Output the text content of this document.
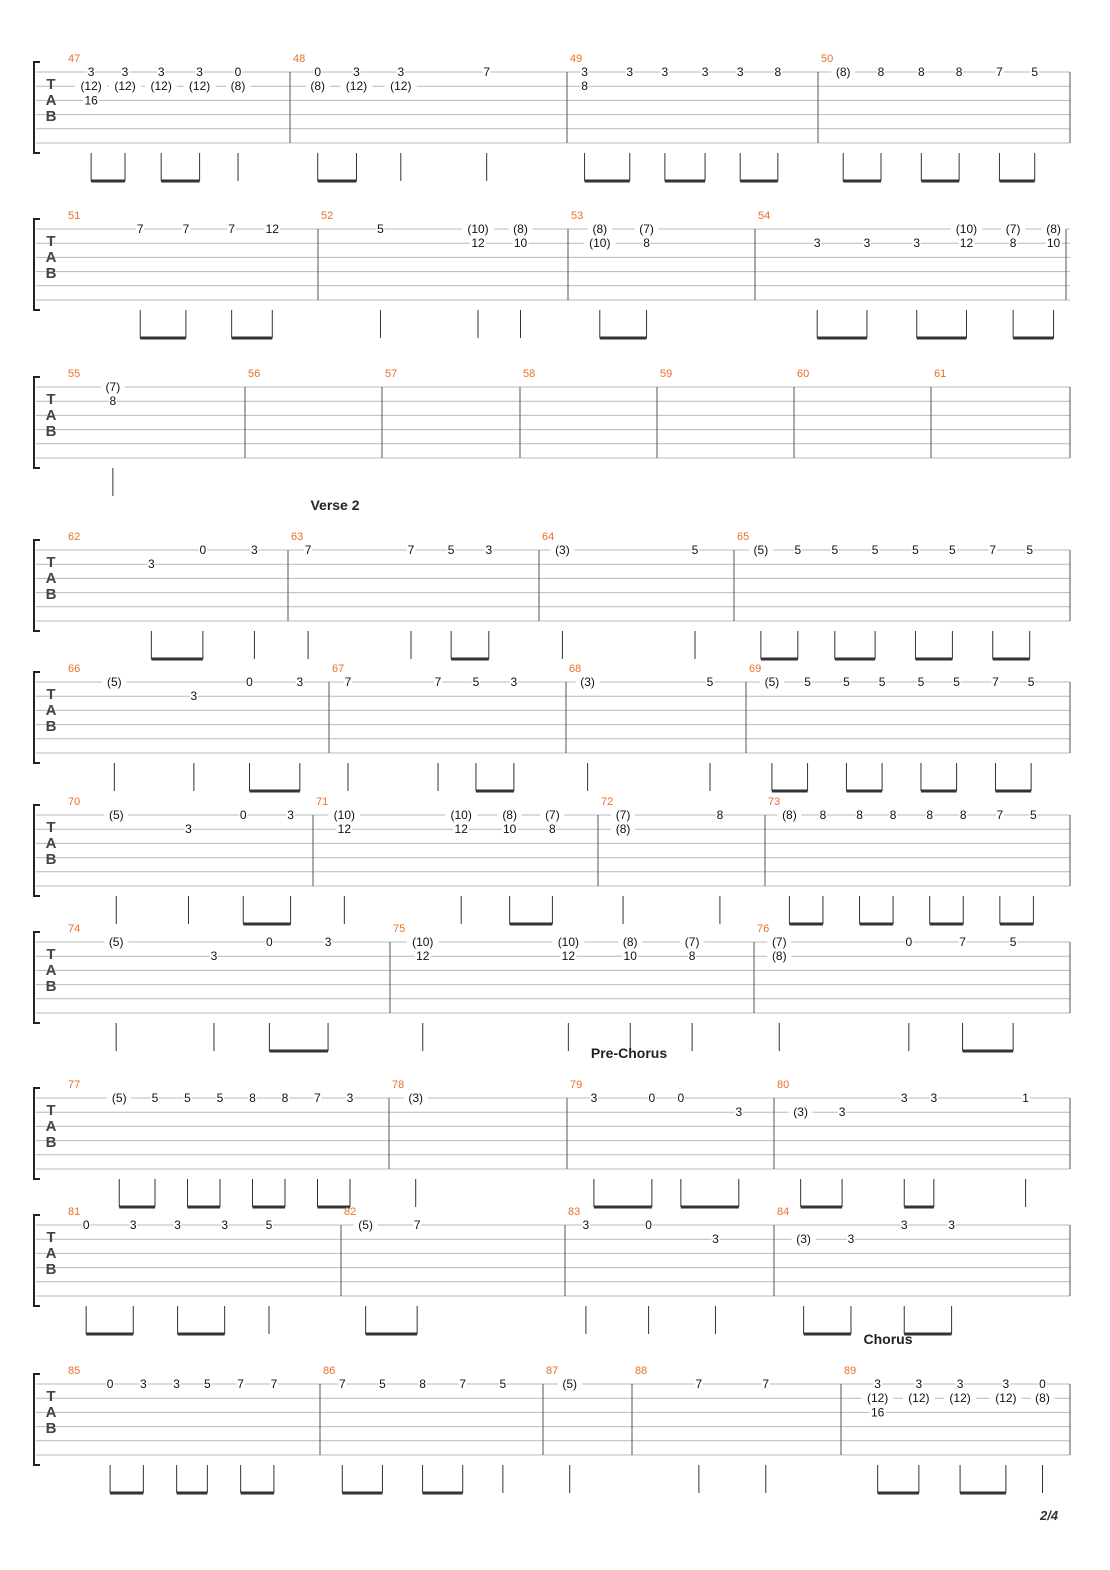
T
A
B
47
3
(12)
16
3
(12)
3
(12)
3
(12)
0
(8)
48
0
(8)
3
(12)
3
(12)
7
49
3
8
3 3	3 3	8
50
(8) 8	8	8	7 5
T
A
B
51
7	7	7	12
52
5	(10)
12
(8)
10
53
(8)
(10)
(7)
8
54
3	3	3
(10)
12
(7)
8
(8)
10
T
A
B
55
(7)
8
56	57	58	59	60	61
T
A
B
Verse 2
62
3
0	3
63
7	7	5	3
64
(3)	5
65
(5) 5	5	5	5	5	7	5
T
A
B
66
(5)
3
0	3
67
7	7	5	3
68
(3)	5
69
(5) 5	5 5	5 5	7 5
T
A
B
70
(5)
3
0	3
71
(10)
12
(10)
12
(8)
10
(7)
8
72
(7)
(8)
8
73
(8) 8 8 8 8 8 7 5
T
A
B
74
(5)
3
0	3
75
(10)
12
(10)
12
(8)
10
(7)
8
76
(7)
(8)
0	7	5
T
A
B
Pre-Chorus
77
(5) 5 5 5 8 8 7 3
78
(3)
79
3	0 0
3
80
(3)	3
3 3	1
T
A
B
81
0	3	3	3	5
82
(5)	7
83
3	0
3
84
(3)	3
3	3
T
A
B
Chorus
85
0 3 3 5 7 7
86
7	5	8	7	5
87
(5)
88
7	7
89
3
(12)
16
3
(12)
3
(12)
3
(12)
0
(8)
2/4
